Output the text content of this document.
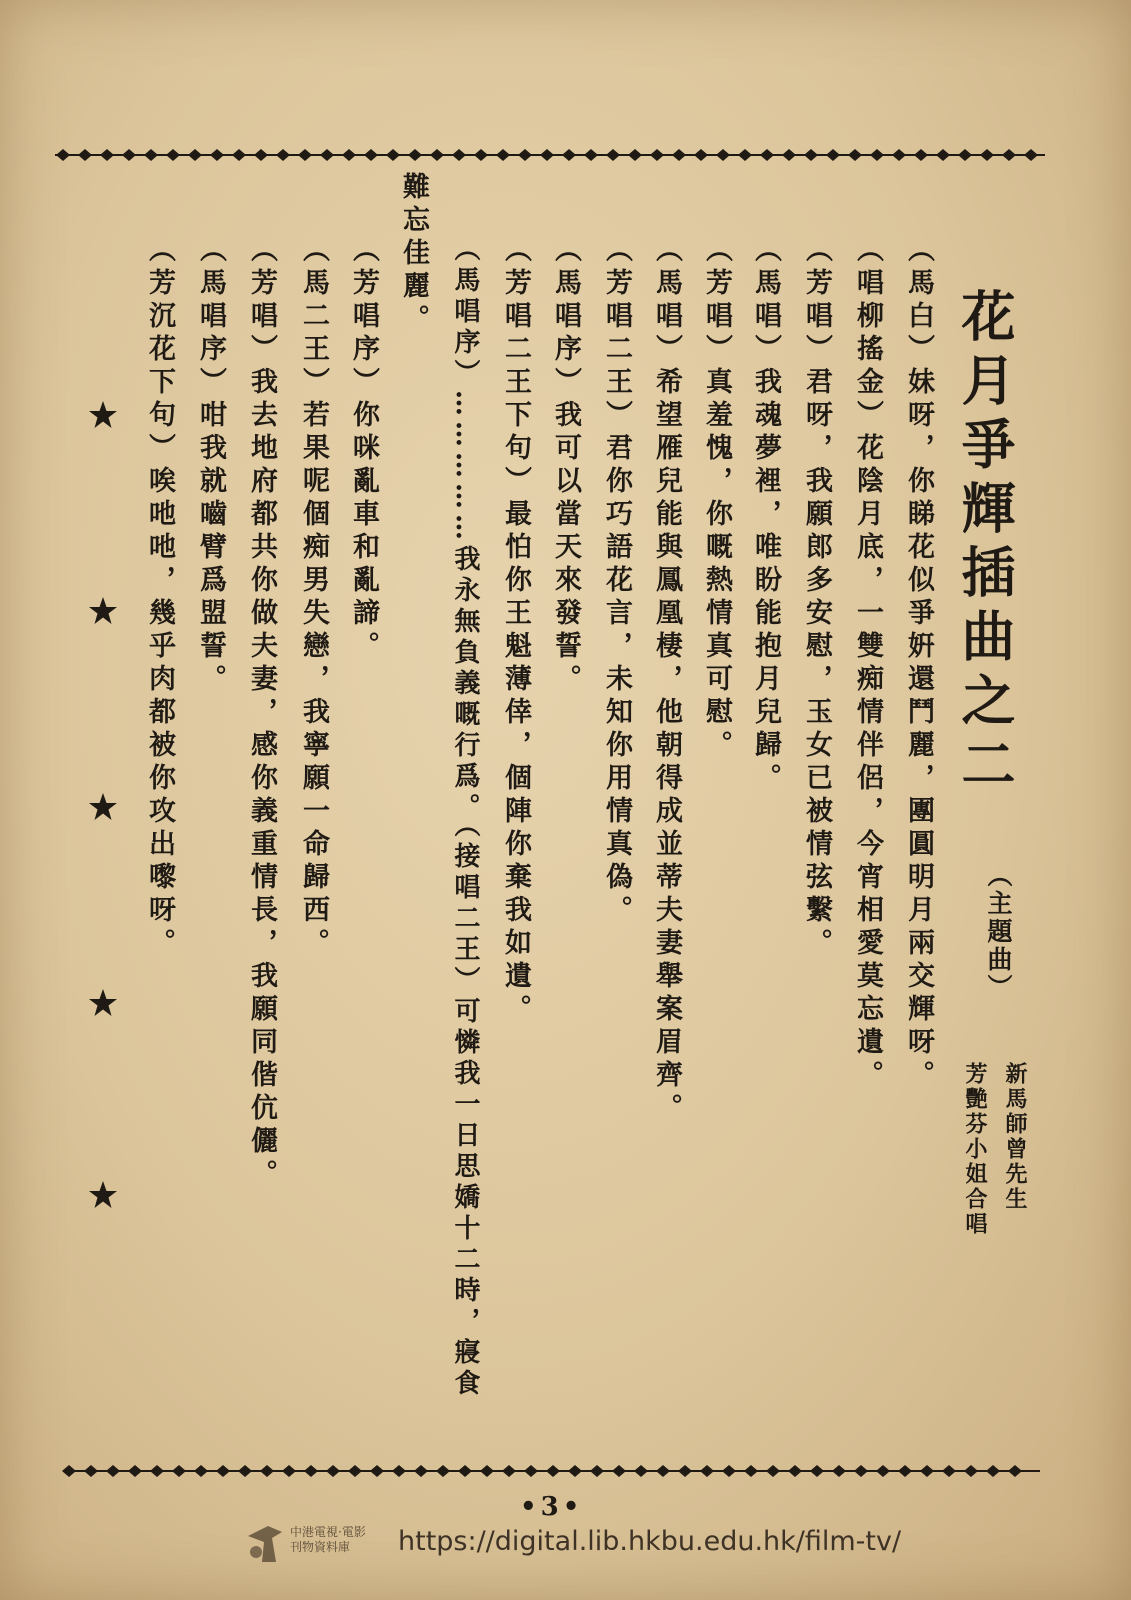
花月爭輝插曲之二
（主題曲）
新馬師曾先生
芳艷芬小姐合唱
（馬白）妹呀，你睇花似爭姸還鬥麗，團圓明月兩交輝呀。
（唱柳搖金）花陰月底，一雙痴情伴侶，今宵相愛莫忘遺。
（芳唱）君呀，我願郎多安慰，玉女已被情弦繫。
（馬唱）我魂夢裡，唯盼能抱月兒歸。
（芳唱）真羞愧，你嘅熱情真可慰。
（馬唱）希望雁兒能與鳳凰棲，他朝得成並蒂夫妻舉案眉齊。
（芳唱二王）君你巧語花言，未知你用情真偽。
（馬唱序）我可以當天來發誓。
（芳唱二王下句）最怕你王魁薄倖，個陣你棄我如遺。
（馬唱序）……………我永無負義嘅行爲。（接唱二王）可憐我一日思嬌十二時，寢食
難忘佳麗。
（芳唱序）你咪亂車和亂諦。
（馬二王）若果呢個痴男失戀，我寧願一命歸西。
（芳唱）我去地府都共你做夫妻，感你義重情長，我願同偕伉儷。
（馬唱序）咁我就嚙臂爲盟誓。
（芳沉花下句）唉吔吔，幾乎肉都被你攻出嚟呀。
•3•
中港電視·電影
刊物資料庫	https://digital.lib.hkbu.edu.hk/film-tv/
